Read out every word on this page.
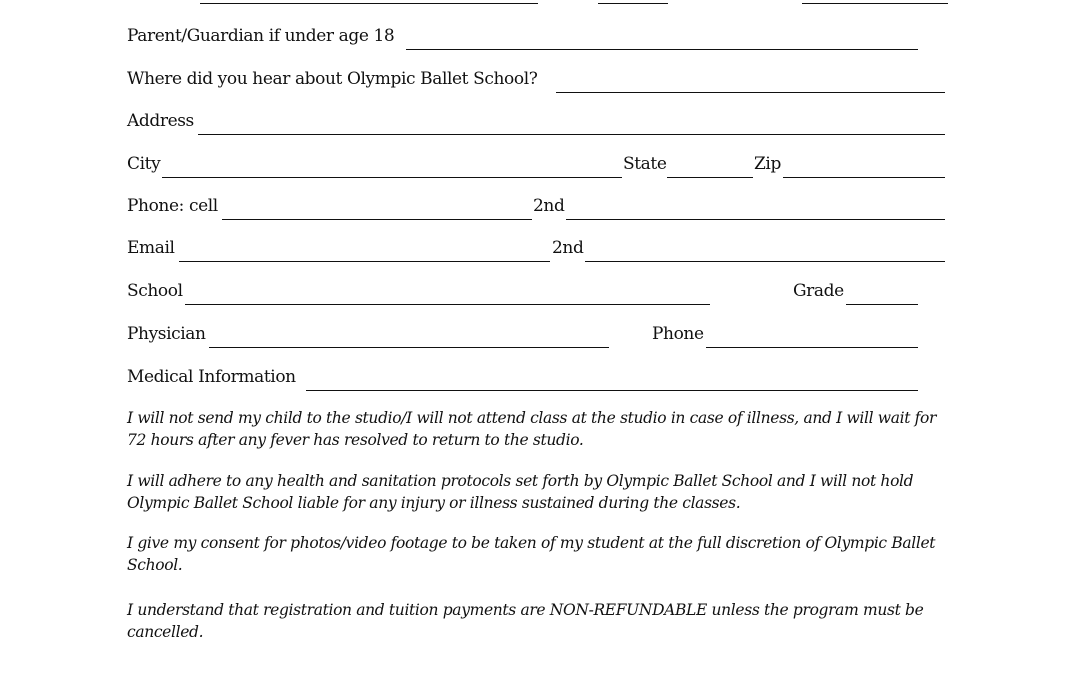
Parent/Guardian if under age 18
Where did you hear about Olympic Ballet School?
Address
City	State	Zip
Phone: cell	2nd
Email	2nd
School	Grade
Physician	Phone
Medical Information

I will not send my child to the studio/I will not attend class at the studio in case of illness, and I will wait for 72 hours after any fever has resolved to return to the studio.

I will adhere to any health and sanitation protocols set forth by Olympic Ballet School and I will not hold Olympic Ballet School liable for any injury or illness sustained during the classes.

I give my consent for photos/video footage to be taken of my student at the full discretion of Olympic Ballet School.

I understand that registration and tuition payments are NON-REFUNDABLE unless the program must be cancelled.
